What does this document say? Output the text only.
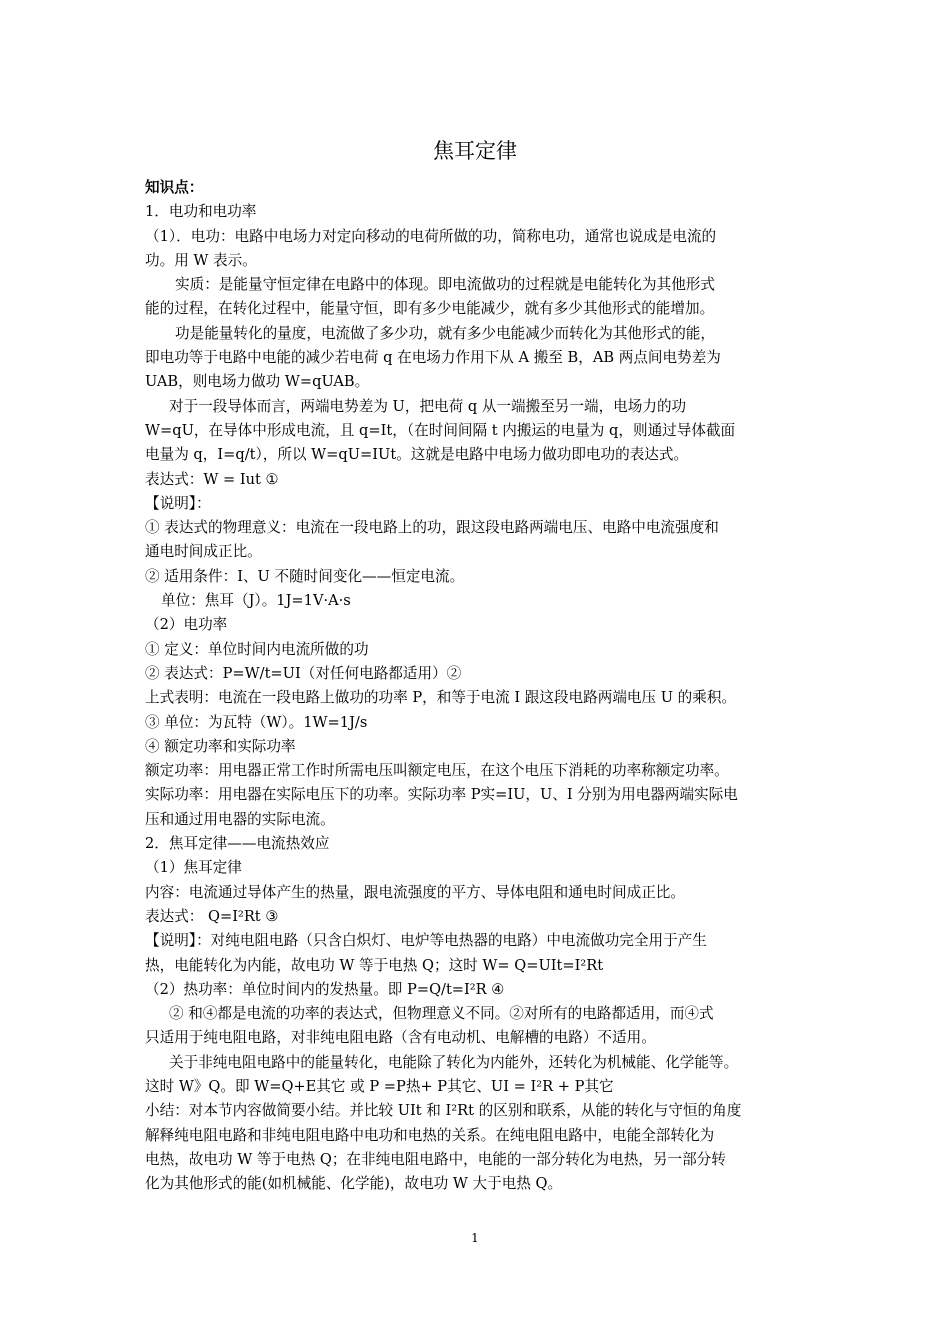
焦耳定律

知识点：

1．电功和电功率

（1）．电功：电路中电场力对定向移动的电荷所做的功，简称电功，通常也说成是电流的

功。用 W 表示。

实质：是能量守恒定律在电路中的体现。即电流做功的过程就是电能转化为其他形式

能的过程，在转化过程中，能量守恒，即有多少电能减少，就有多少其他形式的能增加。

功是能量转化的量度，电流做了多少功，就有多少电能减少而转化为其他形式的能，

即电功等于电路中电能的减少若电荷 q 在电场力作用下从 A 搬至 B，AB 两点间电势差为

UAB，则电场力做功 W=qUAB。

对于一段导体而言，两端电势差为 U，把电荷 q 从一端搬至另一端，电场力的功

W=qU，在导体中形成电流，且 q=It，（在时间间隔 t 内搬运的电量为 q，则通过导体截面

电量为 q，I=q/t），所以 W=qU=IUt。这就是电路中电场力做功即电功的表达式。

表达式：W = Iut ①

【说明】：

① 表达式的物理意义：电流在一段电路上的功，跟这段电路两端电压、电路中电流强度和

通电时间成正比。

② 适用条件：I、U 不随时间变化——恒定电流。

单位：焦耳（J）。1J=1V·A·s

（2）电功率

① 定义：单位时间内电流所做的功

② 表达式：P=W/t=UI（对任何电路都适用）②

上式表明：电流在一段电路上做功的功率 P，和等于电流 I 跟这段电路两端电压 U 的乘积。

③ 单位：为瓦特（W）。1W=1J/s

④ 额定功率和实际功率

额定功率：用电器正常工作时所需电压叫额定电压，在这个电压下消耗的功率称额定功率。

实际功率：用电器在实际电压下的功率。实际功率 P实=IU，U、I 分别为用电器两端实际电

压和通过用电器的实际电流。

2．焦耳定律——电流热效应

（1）焦耳定律

内容：电流通过导体产生的热量，跟电流强度的平方、导体电阻和通电时间成正比。

表达式： Q=I²Rt ③

【说明】：对纯电阻电路（只含白炽灯、电炉等电热器的电路）中电流做功完全用于产生

热，电能转化为内能，故电功 W 等于电热 Q；这时 W= Q=UIt=I²Rt

（2）热功率：单位时间内的发热量。即 P=Q/t=I²R ④

② 和④都是电流的功率的表达式，但物理意义不同。②对所有的电路都适用，而④式

只适用于纯电阻电路，对非纯电阻电路（含有电动机、电解槽的电路）不适用。

关于非纯电阻电路中的能量转化，电能除了转化为内能外，还转化为机械能、化学能等。

这时 W》Q。即 W=Q+E其它 或 P =P热+ P其它、UI = I²R + P其它

小结：对本节内容做简要小结。并比较 UIt 和 I²Rt 的区别和联系，从能的转化与守恒的角度

解释纯电阻电路和非纯电阻电路中电功和电热的关系。在纯电阻电路中，电能全部转化为

电热，故电功 W 等于电热 Q；在非纯电阻电路中，电能的一部分转化为电热，另一部分转

化为其他形式的能(如机械能、化学能)，故电功 W 大于电热 Q。

1
